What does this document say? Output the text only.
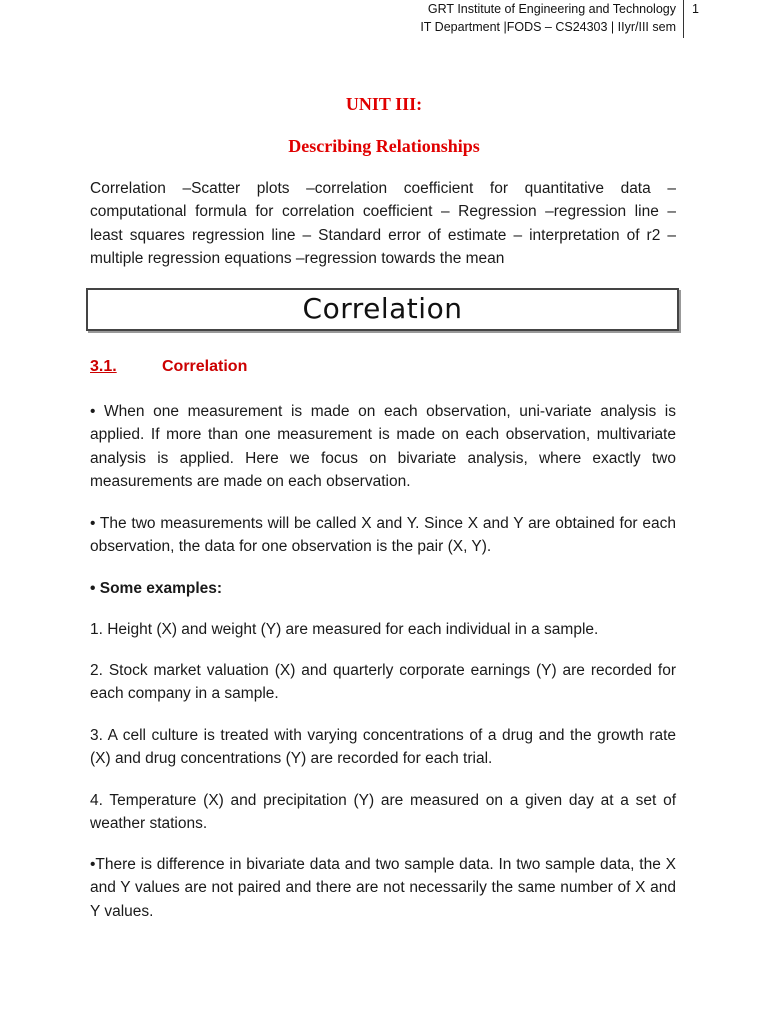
GRT Institute of Engineering and Technology
IT Department |FODS – CS24303 | IIyr/III sem
1
UNIT III:
Describing Relationships
Correlation –Scatter plots –correlation coefficient for quantitative data –
computational formula for correlation coefficient – Regression –regression line –
least squares regression line – Standard error of estimate – interpretation of r2 –
multiple regression equations –regression towards the mean
Correlation
3.1.	Correlation

• When one measurement is made on each observation, uni-variate analysis is applied. If more than one measurement is made on each observation, multivariate analysis is applied. Here we focus on bivariate analysis, where exactly two measurements are made on each observation.

• The two measurements will be called X and Y. Since X and Y are obtained for each observation, the data for one observation is the pair (X, Y).

• Some examples:

1. Height (X) and weight (Y) are measured for each individual in a sample.

2. Stock market valuation (X) and quarterly corporate earnings (Y) are recorded for each company in a sample.

3. A cell culture is treated with varying concentrations of a drug and the growth rate (X) and drug concentrations (Y) are recorded for each trial.

4. Temperature (X) and precipitation (Y) are measured on a given day at a set of weather stations.

•There is difference in bivariate data and two sample data. In two sample data, the X and Y values are not paired and there are not necessarily the same number of X and Y values.
